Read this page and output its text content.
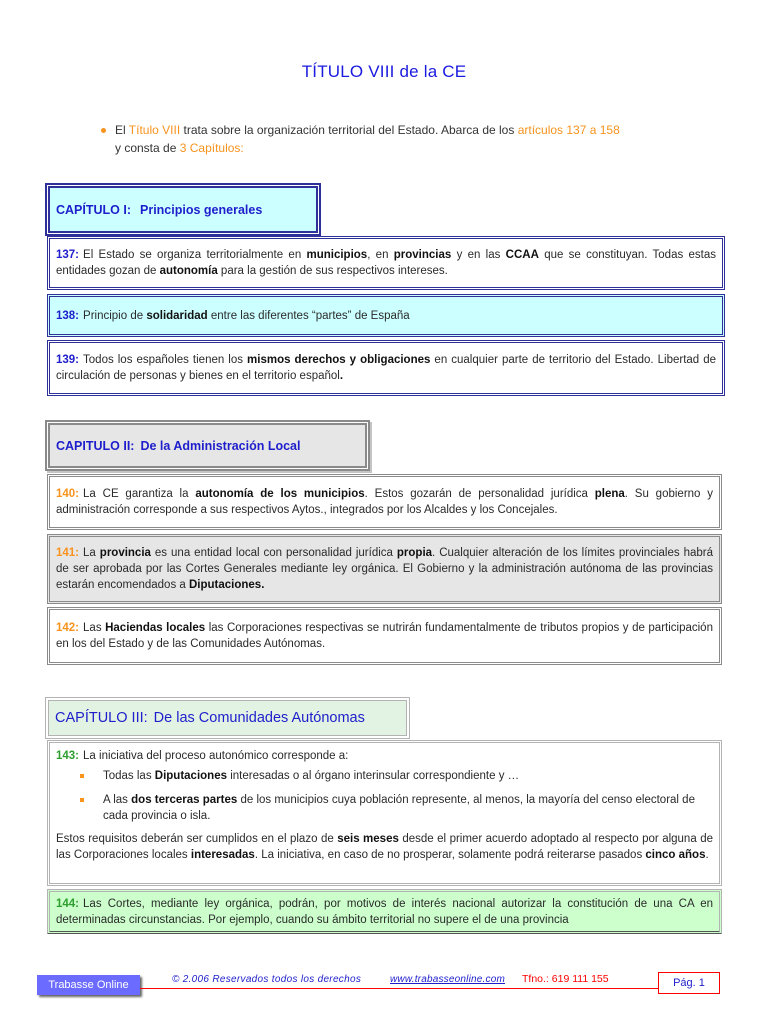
TÍTULO VIII de la CE
El Título VIII trata sobre la organización territorial del Estado. Abarca de los artículos 137 a 158
y consta de 3 Capítulos:
CAPÍTULO I: Principios generales
137: El Estado se organiza territorialmente en municipios, en provincias y en las CCAA que se constituyan. Todas estas entidades gozan de autonomía para la gestión de sus respectivos intereses.
138: Principio de solidaridad entre las diferentes “partes” de España
139: Todos los españoles tienen los mismos derechos y obligaciones en cualquier parte de territorio del Estado. Libertad de circulación de personas y bienes en el territorio español.
CAPITULO II: De la Administración Local
140: La CE garantiza la autonomía de los municipios. Estos gozarán de personalidad jurídica plena. Su gobierno y administración corresponde a sus respectivos Aytos., integrados por los Alcaldes y los Concejales.
141: La provincia es una entidad local con personalidad jurídica propia. Cualquier alteración de los límites provinciales habrá de ser aprobada por las Cortes Generales mediante ley orgánica. El Gobierno y la administración autónoma de las provincias estarán encomendados a Diputaciones.
142: Las Haciendas locales las Corporaciones respectivas se nutrirán fundamentalmente de tributos propios y de participación en los del Estado y de las Comunidades Autónomas.
CAPÍTULO III: De las Comunidades Autónomas
143: La iniciativa del proceso autonómico corresponde a:
Todas las Diputaciones interesadas o al órgano interinsular correspondiente y …
A las dos terceras partes de los municipios cuya población represente, al menos, la mayoría del censo electoral de cada provincia o isla.
Estos requisitos deberán ser cumplidos en el plazo de seis meses desde el primer acuerdo adoptado al respecto por alguna de las Corporaciones locales interesadas. La iniciativa, en caso de no prosperar, solamente podrá reiterarse pasados cinco años.
144: Las Cortes, mediante ley orgánica, podrán, por motivos de interés nacional autorizar la constitución de una CA en determinadas circunstancias. Por ejemplo, cuando su ámbito territorial no supere el de una provincia
Trabasse Online	© 2.006 Reservados todos los derechos	www.trabasseonline.com Tfno.: 619 111 155	Pág. 1
